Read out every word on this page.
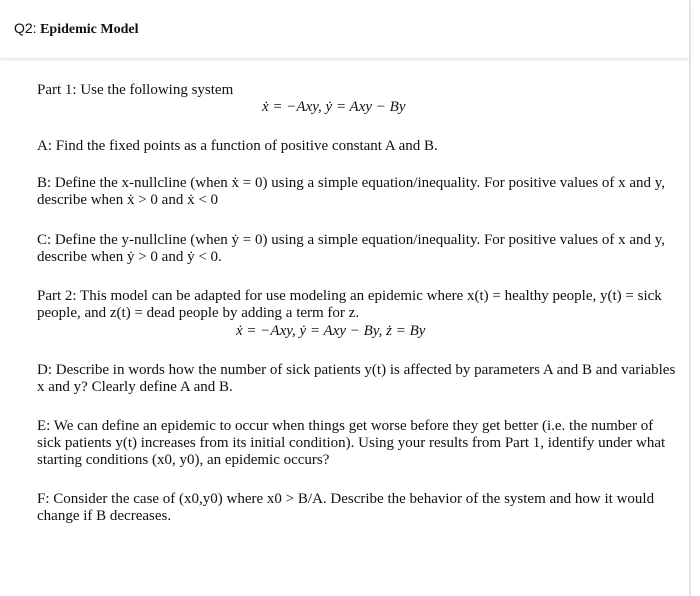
Q2: Epidemic Model
Part 1: Use the following system
ẋ = −Axy, ẏ = Axy − By
A: Find the fixed points as a function of positive constant A and B.
B: Define the x-nullcline (when ẋ = 0) using a simple equation/inequality. For positive values of x and y, describe when ẋ > 0 and ẋ < 0
C: Define the y-nullcline (when ẏ = 0) using a simple equation/inequality. For positive values of x and y, describe when ẏ > 0 and ẏ < 0.
Part 2: This model can be adapted for use modeling an epidemic where x(t) = healthy people, y(t) = sick people, and z(t) = dead people by adding a term for z.
ẋ = −Axy, ẏ = Axy − By, ż = By
D: Describe in words how the number of sick patients y(t) is affected by parameters A and B and variables x and y? Clearly define A and B.
E: We can define an epidemic to occur when things get worse before they get better (i.e. the number of sick patients y(t) increases from its initial condition). Using your results from Part 1, identify under what starting conditions (x0, y0), an epidemic occurs?
F: Consider the case of (x0,y0) where x0 > B/A. Describe the behavior of the system and how it would change if B decreases.
